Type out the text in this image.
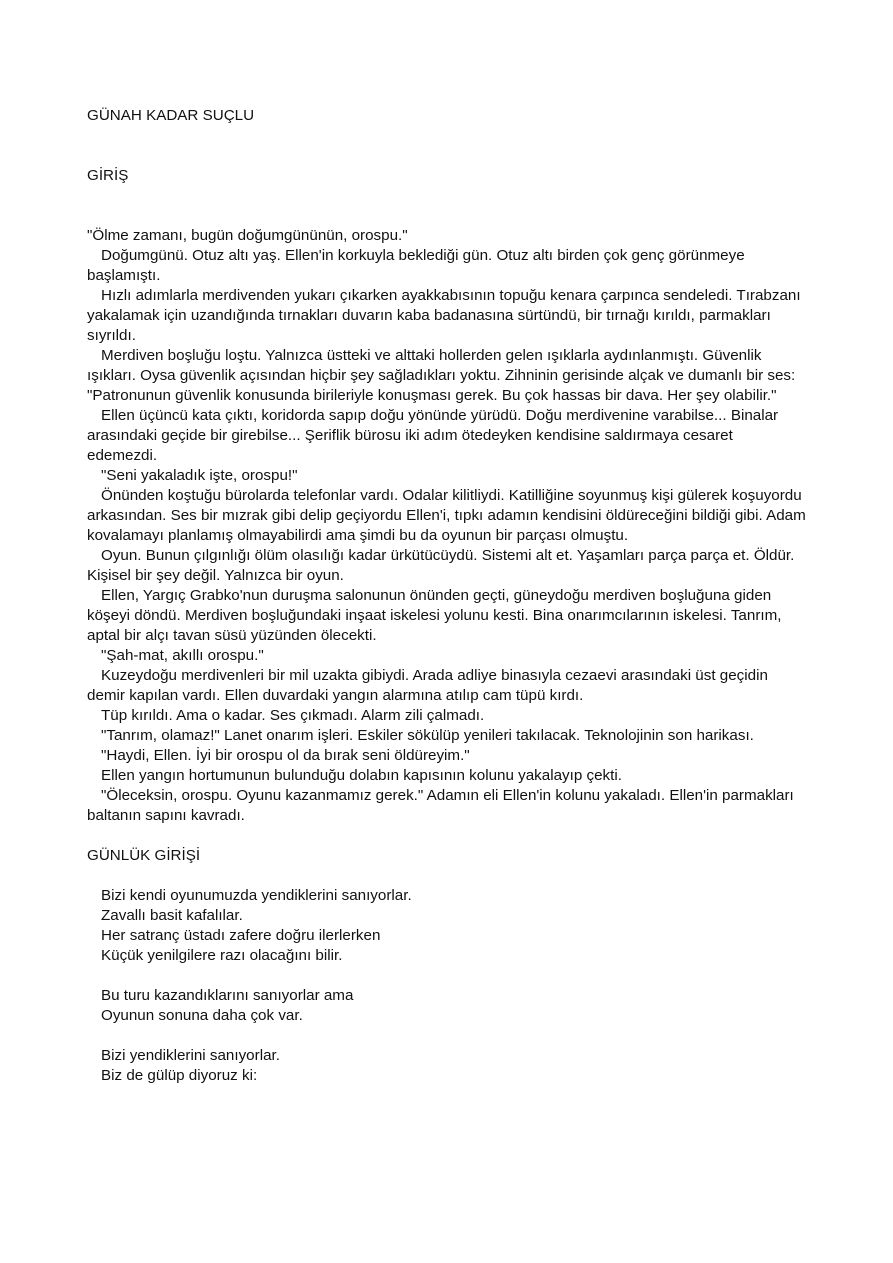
GÜNAH KADAR SUÇLU

GİRİŞ

"Ölme zamanı, bugün doğumgününün, orospu."

Doğumgünü. Otuz altı yaş. Ellen'in korkuyla beklediği gün. Otuz altı birden çok genç görünmeye başlamıştı.

Hızlı adımlarla merdivenden yukarı çıkarken ayakkabısının topuğu kenara çarpınca sendeledi. Tırabzanı yakalamak için uzandığında tırnakları duvarın kaba badanasına sürtündü, bir tırnağı kırıldı, parmakları sıyrıldı.

Merdiven boşluğu loştu. Yalnızca üstteki ve alttaki hollerden gelen ışıklarla aydınlanmıştı. Güvenlik ışıkları. Oysa güvenlik açısından hiçbir şey sağladıkları yoktu. Zihninin gerisinde alçak ve dumanlı bir ses: "Patronunun güvenlik konusunda birileriyle konuşması gerek. Bu çok hassas bir dava. Her şey olabilir."

Ellen üçüncü kata çıktı, koridorda sapıp doğu yönünde yürüdü. Doğu merdivenine varabilse... Binalar arasındaki geçide bir girebilse... Şeriflik bürosu iki adım ötedeyken kendisine saldırmaya cesaret edemezdi.

"Seni yakaladık işte, orospu!"

Önünden koştuğu bürolarda telefonlar vardı. Odalar kilitliydi. Katilliğine soyunmuş kişi gülerek koşuyordu arkasından. Ses bir mızrak gibi delip geçiyordu Ellen'i, tıpkı adamın kendisini öldüreceğini bildiği gibi. Adam kovalamayı planlamış olmayabilirdi ama şimdi bu da oyunun bir parçası olmuştu.

Oyun. Bunun çılgınlığı ölüm olasılığı kadar ürkütücüydü. Sistemi alt et. Yaşamları parça parça et. Öldür. Kişisel bir şey değil. Yalnızca bir oyun.

Ellen, Yargıç Grabko'nun duruşma salonunun önünden geçti, güneydoğu merdiven boşluğuna giden köşeyi döndü. Merdiven boşluğundaki inşaat iskelesi yolunu kesti. Bina onarımcılarının iskelesi. Tanrım, aptal bir alçı tavan süsü yüzünden ölecekti.

"Şah-mat, akıllı orospu."

Kuzeydoğu merdivenleri bir mil uzakta gibiydi. Arada adliye binasıyla cezaevi arasındaki üst geçidin demir kapılan vardı. Ellen duvardaki yangın alarmına atılıp cam tüpü kırdı.

Tüp kırıldı. Ama o kadar. Ses çıkmadı. Alarm zili çalmadı.

"Tanrım, olamaz!" Lanet onarım işleri. Eskiler sökülüp yenileri takılacak. Teknolojinin son harikası.

"Haydi, Ellen. İyi bir orospu ol da bırak seni öldüreyim."

Ellen yangın hortumunun bulunduğu dolabın kapısının kolunu yakalayıp çekti.

"Öleceksin, orospu. Oyunu kazanmamız gerek." Adamın eli Ellen'in kolunu yakaladı. Ellen'in parmakları baltanın sapını kavradı.

GÜNLÜK GİRİŞİ

Bizi kendi oyunumuzda yendiklerini sanıyorlar.

Zavallı basit kafalılar.

Her satranç üstadı zafere doğru ilerlerken

Küçük yenilgilere razı olacağını bilir.

Bu turu kazandıklarını sanıyorlar ama

Oyunun sonuna daha çok var.

Bizi yendiklerini sanıyorlar.

Biz de gülüp diyoruz ki:
